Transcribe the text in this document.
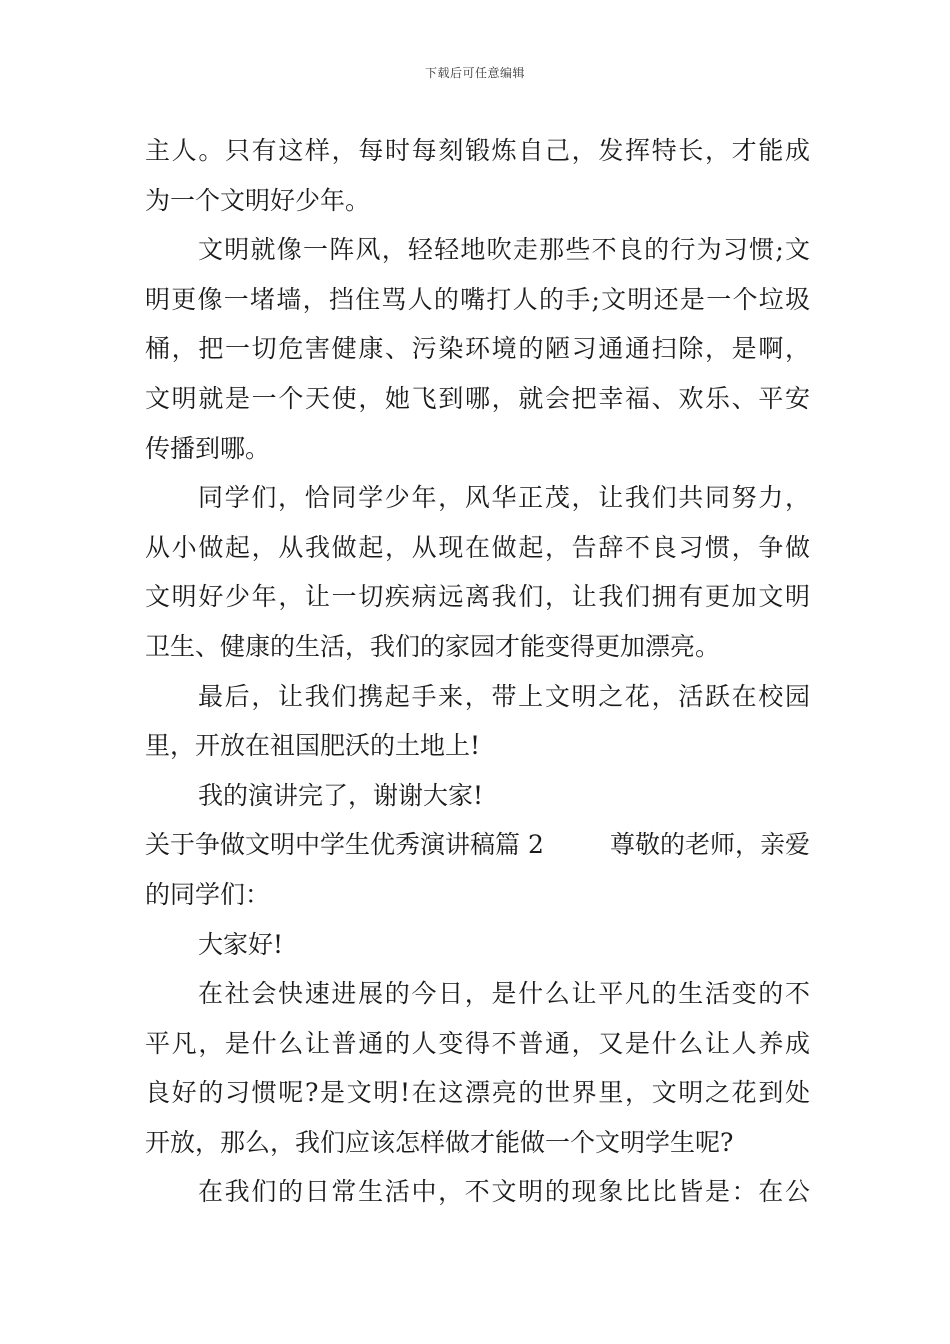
下载后可任意编辑
主人。只有这样，每时每刻锻炼自己，发挥特长，才能成
为一个文明好少年。
文明就像一阵风，轻轻地吹走那些不良的行为习惯;文
明更像一堵墙，挡住骂人的嘴打人的手;文明还是一个垃圾
桶，把一切危害健康、污染环境的陋习通通扫除，是啊，
文明就是一个天使，她飞到哪，就会把幸福、欢乐、平安
传播到哪。
同学们，恰同学少年，风华正茂，让我们共同努力，
从小做起，从我做起，从现在做起，告辞不良习惯，争做
文明好少年，让一切疾病远离我们，让我们拥有更加文明
卫生、健康的生活，我们的家园才能变得更加漂亮。
最后，让我们携起手来，带上文明之花，活跃在校园
里，开放在祖国肥沃的土地上!
我的演讲完了，谢谢大家!
关于争做文明中学生优秀演讲稿篇 2	尊敬的老师，亲爱
的同学们：
大家好!
在社会快速进展的今日，是什么让平凡的生活变的不
平凡，是什么让普通的人变得不普通，又是什么让人养成
良好的习惯呢?是文明!在这漂亮的世界里，文明之花到处
开放，那么，我们应该怎样做才能做一个文明学生呢?
在我们的日常生活中，不文明的现象比比皆是：在公
